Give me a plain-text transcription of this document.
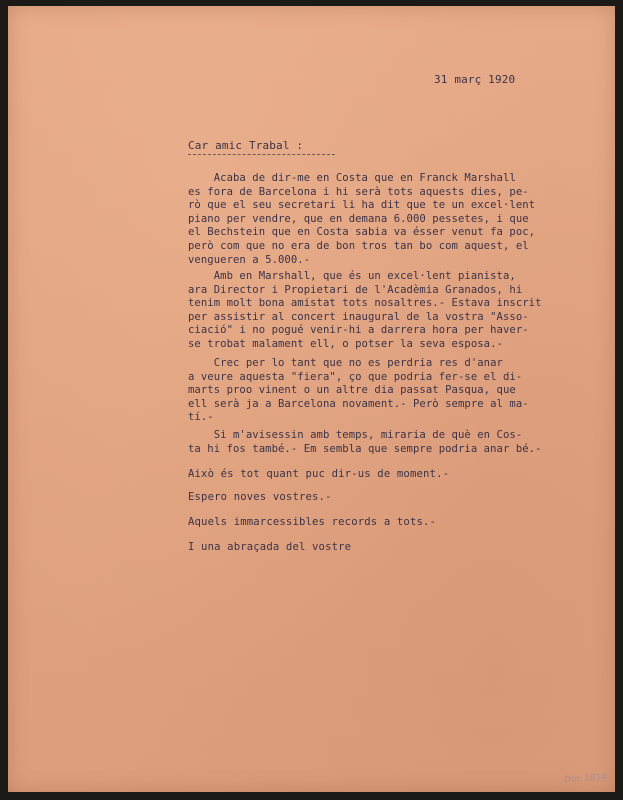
31 març 1920
Car amic Trabal :
Acaba de dir-me en Costa que en Franck Marshall
es fora de Barcelona i hi serà tots aquests dies, pe-
rò que el seu secretari li ha dit que te un excel·lent
piano per vendre, que en demana 6.000 pessetes, i que
el Bechstein que en Costa sabia va ésser venut fa poc,
però com que no era de bon tros tan bo com aquest, el
vengueren a 5.000.-
Amb en Marshall, que és un excel·lent pianista,
ara Director i Propietari de l'Acadèmia Granados, hi
tenim molt bona amistat tots nosaltres.- Estava inscrit
per assistir al concert inaugural de la vostra "Asso-
ciació" i no pogué venir-hi a darrera hora per haver-
se trobat malament ell, o potser la seva esposa.-
Crec per lo tant que no es perdria res d'anar
a veure aquesta "fiera", ço que podria fer-se el di-
marts proo vinent o un altre dia passat Pasqua, que
ell serà ja a Barcelona novament.- Però sempre al ma-
tí.-
Si m'avisessin amb temps, miraria de què en Cos-
ta hi fos també.- Em sembla que sempre podria anar bé.-
Això és tot quant puc dir-us de moment.-
Espero noves vostres.-
Aquels immarcessibles records a tots.-
I una abraçada del vostre
Doc 1814
